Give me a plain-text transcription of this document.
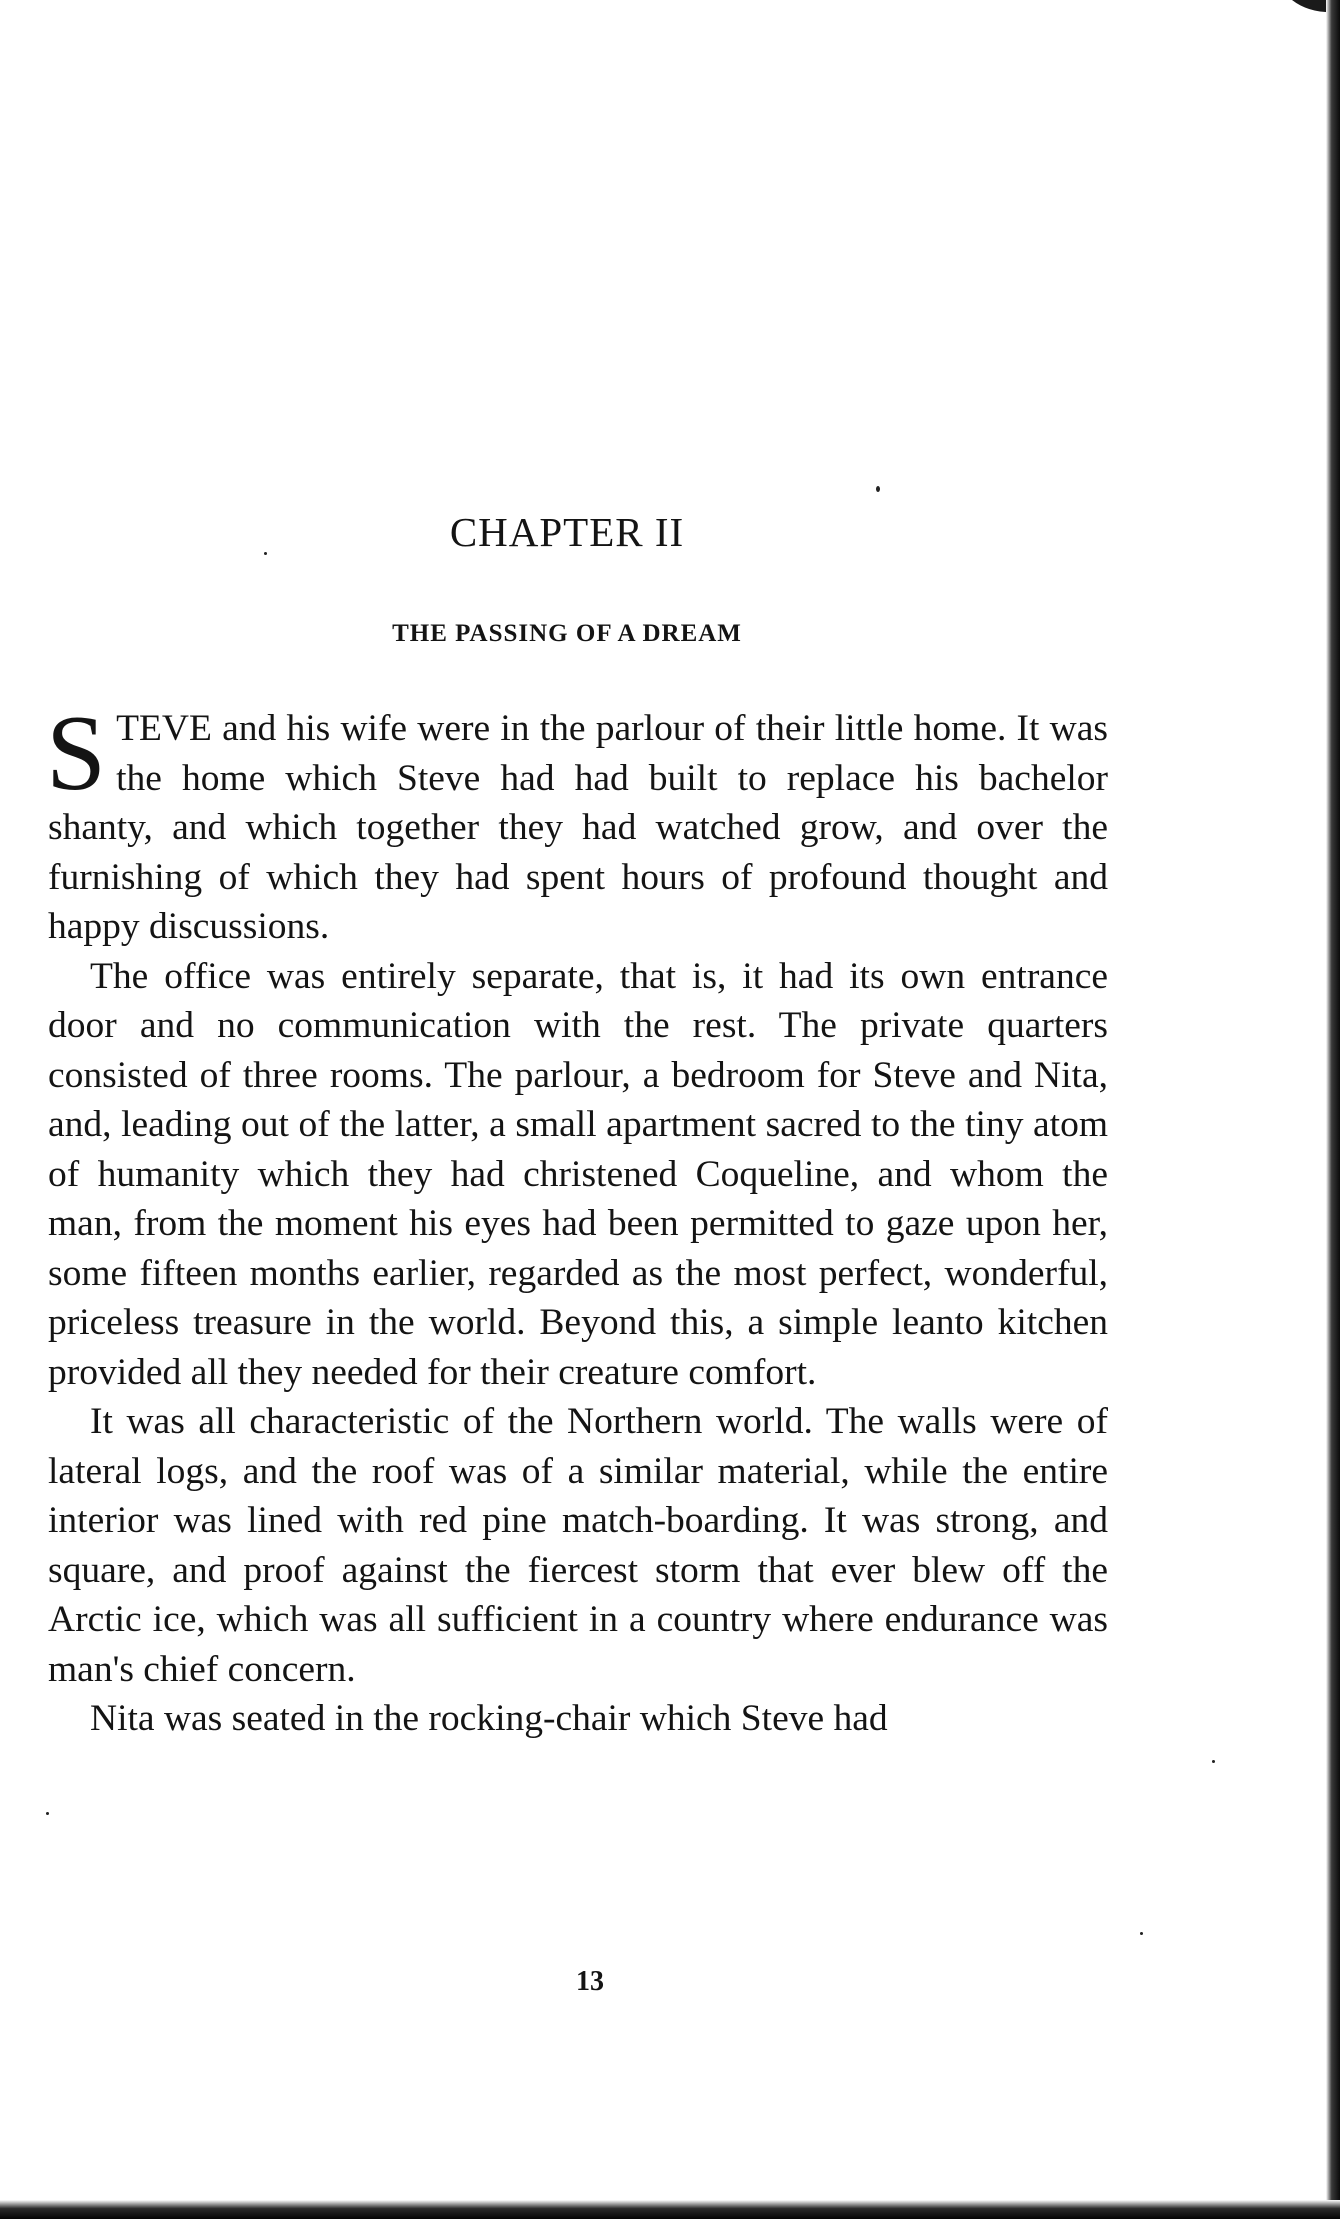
CHAPTER II
THE PASSING OF A DREAM

STEVE and his wife were in the parlour of their little home. It was the home which Steve had had built to replace his bachelor shanty, and which together they had watched grow, and over the furnishing of which they had spent hours of profound thought and happy discussions.

The office was entirely separate, that is, it had its own entrance door and no communication with the rest. The private quarters consisted of three rooms. The parlour, a bedroom for Steve and Nita, and, leading out of the latter, a small apartment sacred to the tiny atom of humanity which they had christened Coqueline, and whom the man, from the moment his eyes had been permitted to gaze upon her, some fifteen months earlier, regarded as the most perfect, wonderful, priceless treasure in the world. Beyond this, a simple leanto kitchen provided all they needed for their creature comfort.

It was all characteristic of the Northern world. The walls were of lateral logs, and the roof was of a similar material, while the entire interior was lined with red pine match-boarding. It was strong, and square, and proof against the fiercest storm that ever blew off the Arctic ice, which was all sufficient in a country where endurance was man's chief concern.

Nita was seated in the rocking-chair which Steve had

13
